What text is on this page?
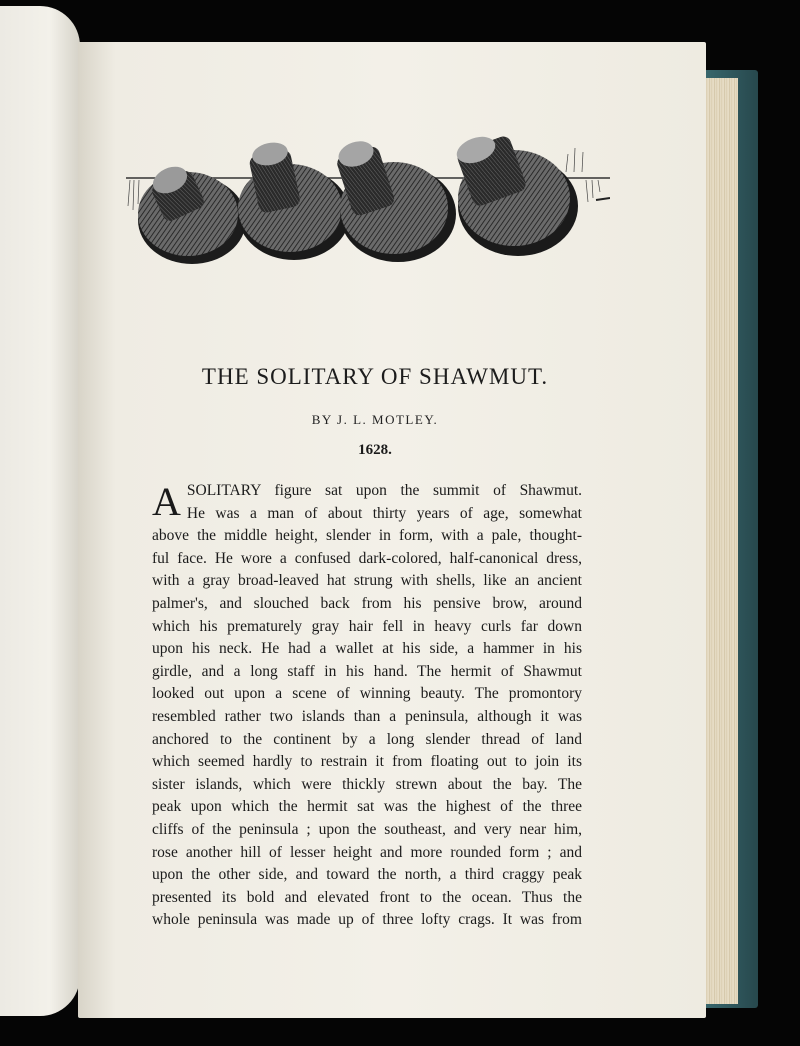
THE SOLITARY OF SHAWMUT.
BY J. L. MOTLEY.
1628.
A SOLITARY figure sat upon the summit of Shawmut.
He was a man of about thirty years of age, somewhat
above the middle height, slender in form, with a pale, thought-
ful face. He wore a confused dark-colored, half-canonical dress,
with a gray broad-leaved hat strung with shells, like an ancient
palmer's, and slouched back from his pensive brow, around
which his prematurely gray hair fell in heavy curls far down
upon his neck. He had a wallet at his side, a hammer in his
girdle, and a long staff in his hand. The hermit of Shawmut
looked out upon a scene of winning beauty. The promontory
resembled rather two islands than a peninsula, although it was
anchored to the continent by a long slender thread of land
which seemed hardly to restrain it from floating out to join its
sister islands, which were thickly strewn about the bay. The
peak upon which the hermit sat was the highest of the three
cliffs of the peninsula ; upon the southeast, and very near him,
rose another hill of lesser height and more rounded form ; and
upon the other side, and toward the north, a third craggy peak
presented its bold and elevated front to the ocean. Thus the
whole peninsula was made up of three lofty crags. It was from
